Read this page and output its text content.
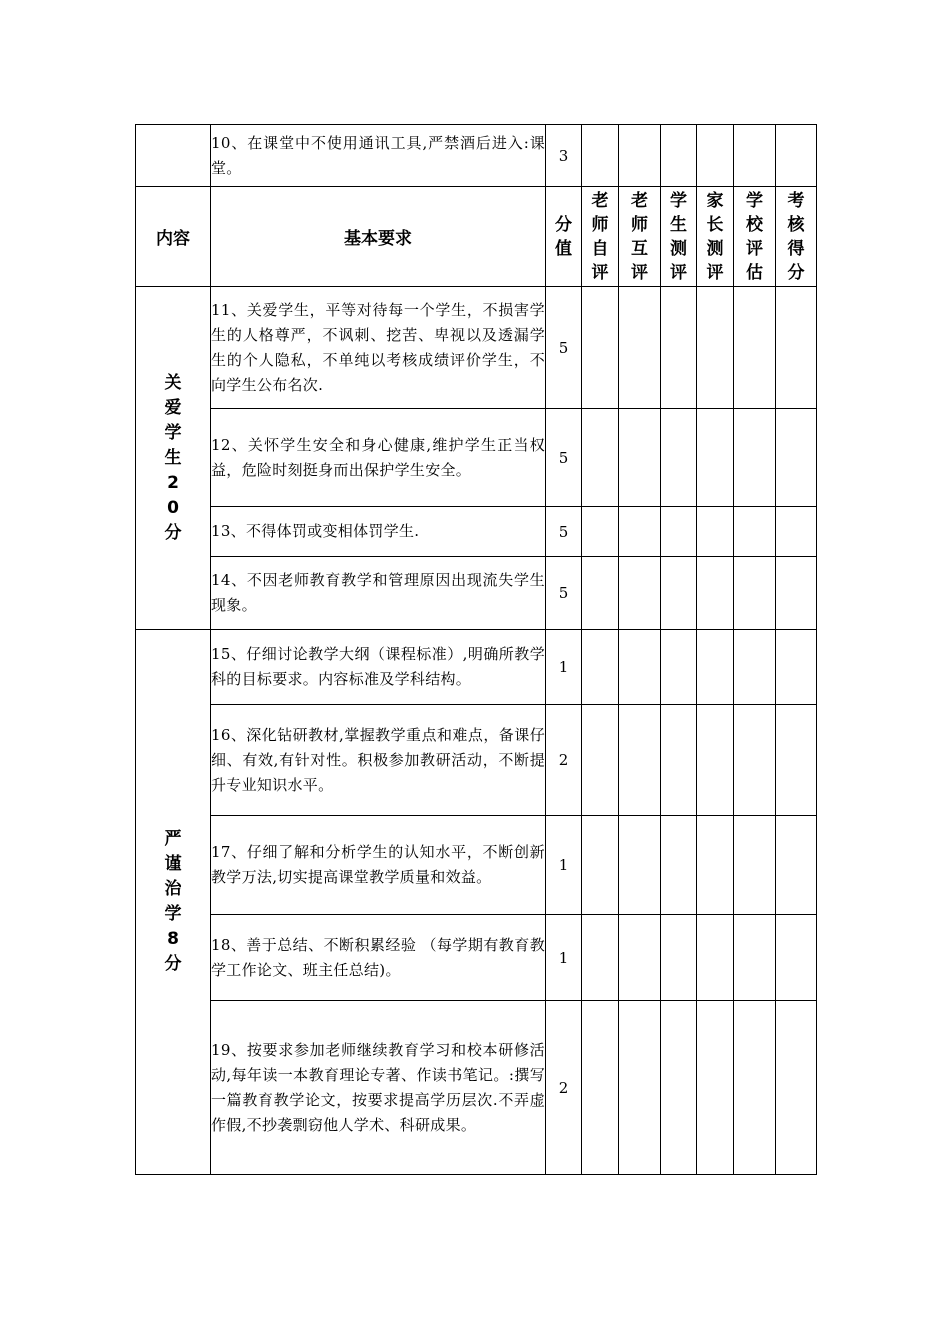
	10、在课堂中不使用通讯工具,严禁酒后进入:课堂。	3						
内容	基本要求	分值	老师自评	老师互评	学生测评	家长测评	学校评估	考核得分
关爱学生20分	11、关爱学生，平等对待每一个学生，不损害学生的人格尊严，不讽刺、挖苦、卑视以及透漏学生的个人隐私，不单纯以考核成绩评价学生，不向学生公布名次.	5						
	12、关怀学生安全和身心健康,维护学生正当权益，危险时刻挺身而出保护学生安全。	5						
	13、不得体罚或变相体罚学生.	5						
	14、不因老师教育教学和管理原因出现流失学生现象。	5						
严谨治学8分	15、仔细讨论教学大纲（课程标准）,明确所教学科的目标要求。内容标准及学科结构。	1						
	16、深化钻研教材,掌握教学重点和难点，备课仔细、有效,有针对性。积极参加教研活动，不断提升专业知识水平。	2						
	17、仔细了解和分析学生的认知水平，不断创新教学万法,切实提高课堂教学质量和效益。	1						
	18、善于总结、不断积累经验 （每学期有教育教学工作论文、班主任总结)。	1						
	19、按要求参加老师继续教育学习和校本研修活动,每年读一本教育理论专著、作读书笔记。:撰写一篇教育教学论文，按要求提高学历层次.不弄虚作假,不抄袭剽窃他人学术、科研成果。	2						
